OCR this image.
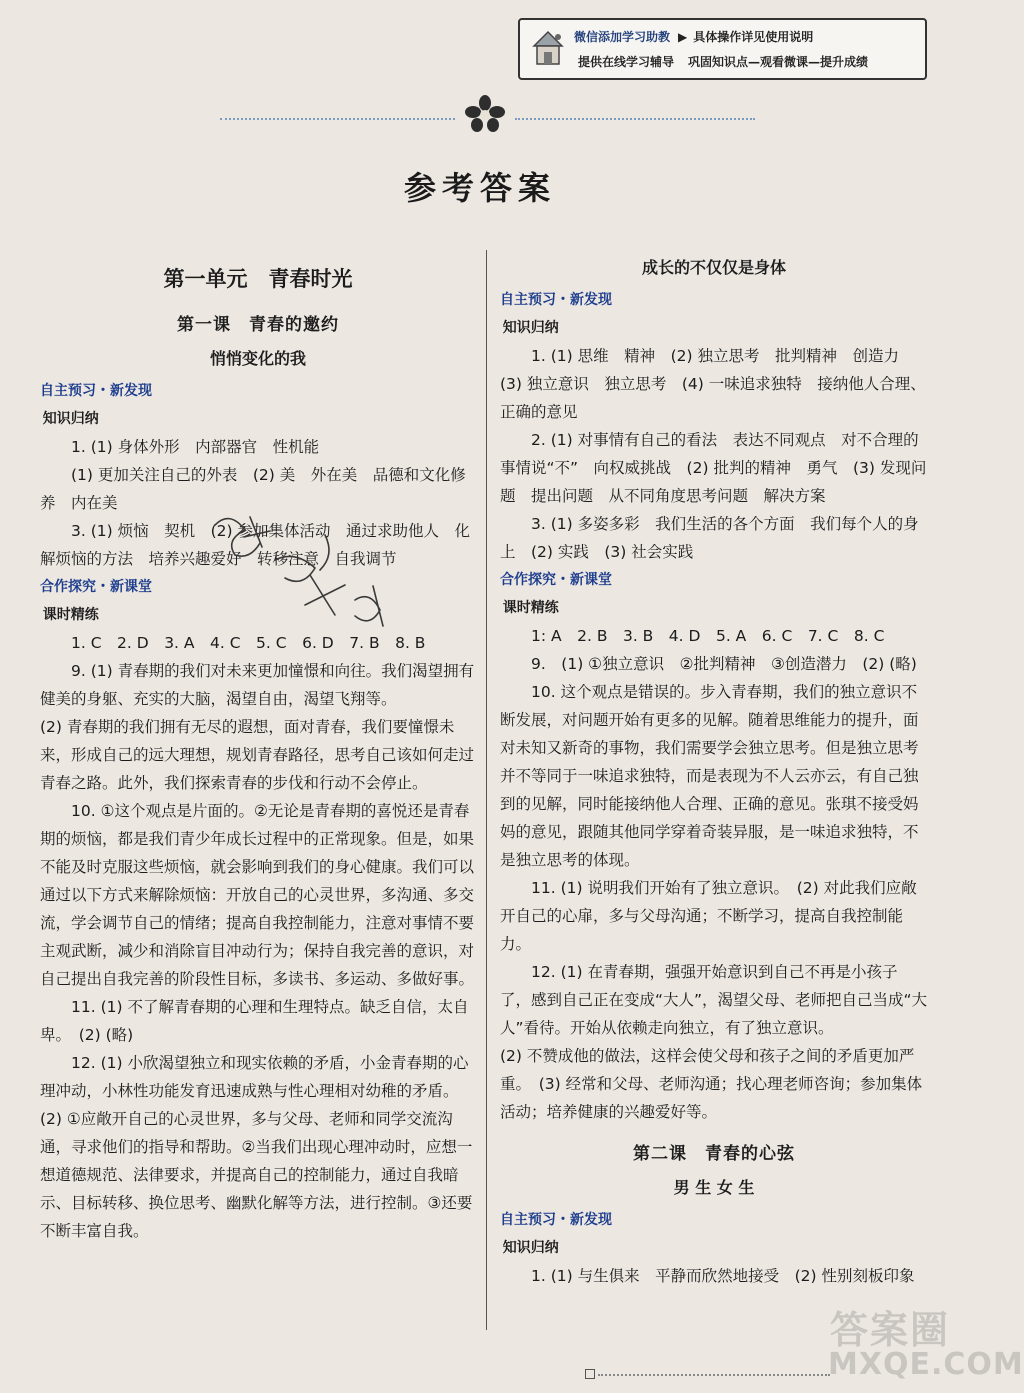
微信添加学习助教 ▶ 具体操作详见使用说明
提供在线学习辅导 巩固知识点—观看微课—提升成绩
参考答案
第一单元　青春时光
第一课　青春的邀约
悄悄变化的我
自主预习・新发现
知识归纳

1. (1) 身体外形　内部器官　性机能

(1) 更加关注自己的外表　(2) 美　外在美　品德和文化修养　内在美

3. (1) 烦恼　契机　(2) 参加集体活动　通过求助他人　化解烦恼的方法　培养兴趣爱好　转移注意　自我调节

合作探究・新课堂
课时精练

1. C　2. D　3. A　4. C　5. C　6. D　7. B　8. B

9. (1) 青春期的我们对未来更加憧憬和向往。我们渴望拥有健美的身躯、充实的大脑，渴望自由，渴望飞翔等。

(2) 青春期的我们拥有无尽的遐想，面对青春，我们要憧憬未来，形成自己的远大理想，规划青春路径，思考自己该如何走过青春之路。此外，我们探索青春的步伐和行动不会停止。

10. ①这个观点是片面的。②无论是青春期的喜悦还是青春期的烦恼，都是我们青少年成长过程中的正常现象。但是，如果不能及时克服这些烦恼，就会影响到我们的身心健康。我们可以通过以下方式来解除烦恼：开放自己的心灵世界，多沟通、多交流，学会调节自己的情绪；提高自我控制能力，注意对事情不要主观武断，减少和消除盲目冲动行为；保持自我完善的意识，对自己提出自我完善的阶段性目标，多读书、多运动、多做好事。

11. (1) 不了解青春期的心理和生理特点。缺乏自信，太自卑。　(2) (略)

12. (1) 小欣渴望独立和现实依赖的矛盾，小金青春期的心理冲动，小林性功能发育迅速成熟与性心理相对幼稚的矛盾。　(2) ①应敞开自己的心灵世界，多与父母、老师和同学交流沟通，寻求他们的指导和帮助。②当我们出现心理冲动时，应想一想道德规范、法律要求，并提高自己的控制能力，通过自我暗示、目标转移、换位思考、幽默化解等方法，进行控制。③还要不断丰富自我。

成长的不仅仅是身体
自主预习・新发现
知识归纳

1. (1) 思维　精神　(2) 独立思考　批判精神　创造力　(3) 独立意识　独立思考　(4) 一味追求独特　接纳他人合理、正确的意见

2. (1) 对事情有自己的看法　表达不同观点　对不合理的事情说“不”　向权威挑战　(2) 批判的精神　勇气　(3) 发现问题　提出问题　从不同角度思考问题　解决方案

3. (1) 多姿多彩　我们生活的各个方面　我们每个人的身上　(2) 实践　(3) 社会实践

合作探究・新课堂
课时精练

1: A　2. B　3. B　4. D　5. A　6. C　7. C　8. C

9.　(1) ①独立意识　②批判精神　③创造潜力　(2) (略)

10. 这个观点是错误的。步入青春期，我们的独立意识不断发展，对问题开始有更多的见解。随着思维能力的提升，面对未知又新奇的事物，我们需要学会独立思考。但是独立思考并不等同于一味追求独特，而是表现为不人云亦云，有自己独到的见解，同时能接纳他人合理、正确的意见。张琪不接受妈妈的意见，跟随其他同学穿着奇装异服，是一味追求独特，不是独立思考的体现。

11. (1) 说明我们开始有了独立意识。　(2) 对此我们应敞开自己的心扉，多与父母沟通；不断学习，提高自我控制能力。

12. (1) 在青春期，强强开始意识到自己不再是小孩子了，感到自己正在变成“大人”，渴望父母、老师把自己当成“大人”看待。开始从依赖走向独立，有了独立意识。

(2) 不赞成他的做法，这样会使父母和孩子之间的矛盾更加严重。　(3) 经常和父母、老师沟通；找心理老师咨询；参加集体活动；培养健康的兴趣爱好等。

第二课　青春的心弦
男 生 女 生
自主预习・新发现
知识归纳

1. (1) 与生俱来　平静而欣然地接受　(2) 性别刻板印象

答案圈
MXQE.COM
